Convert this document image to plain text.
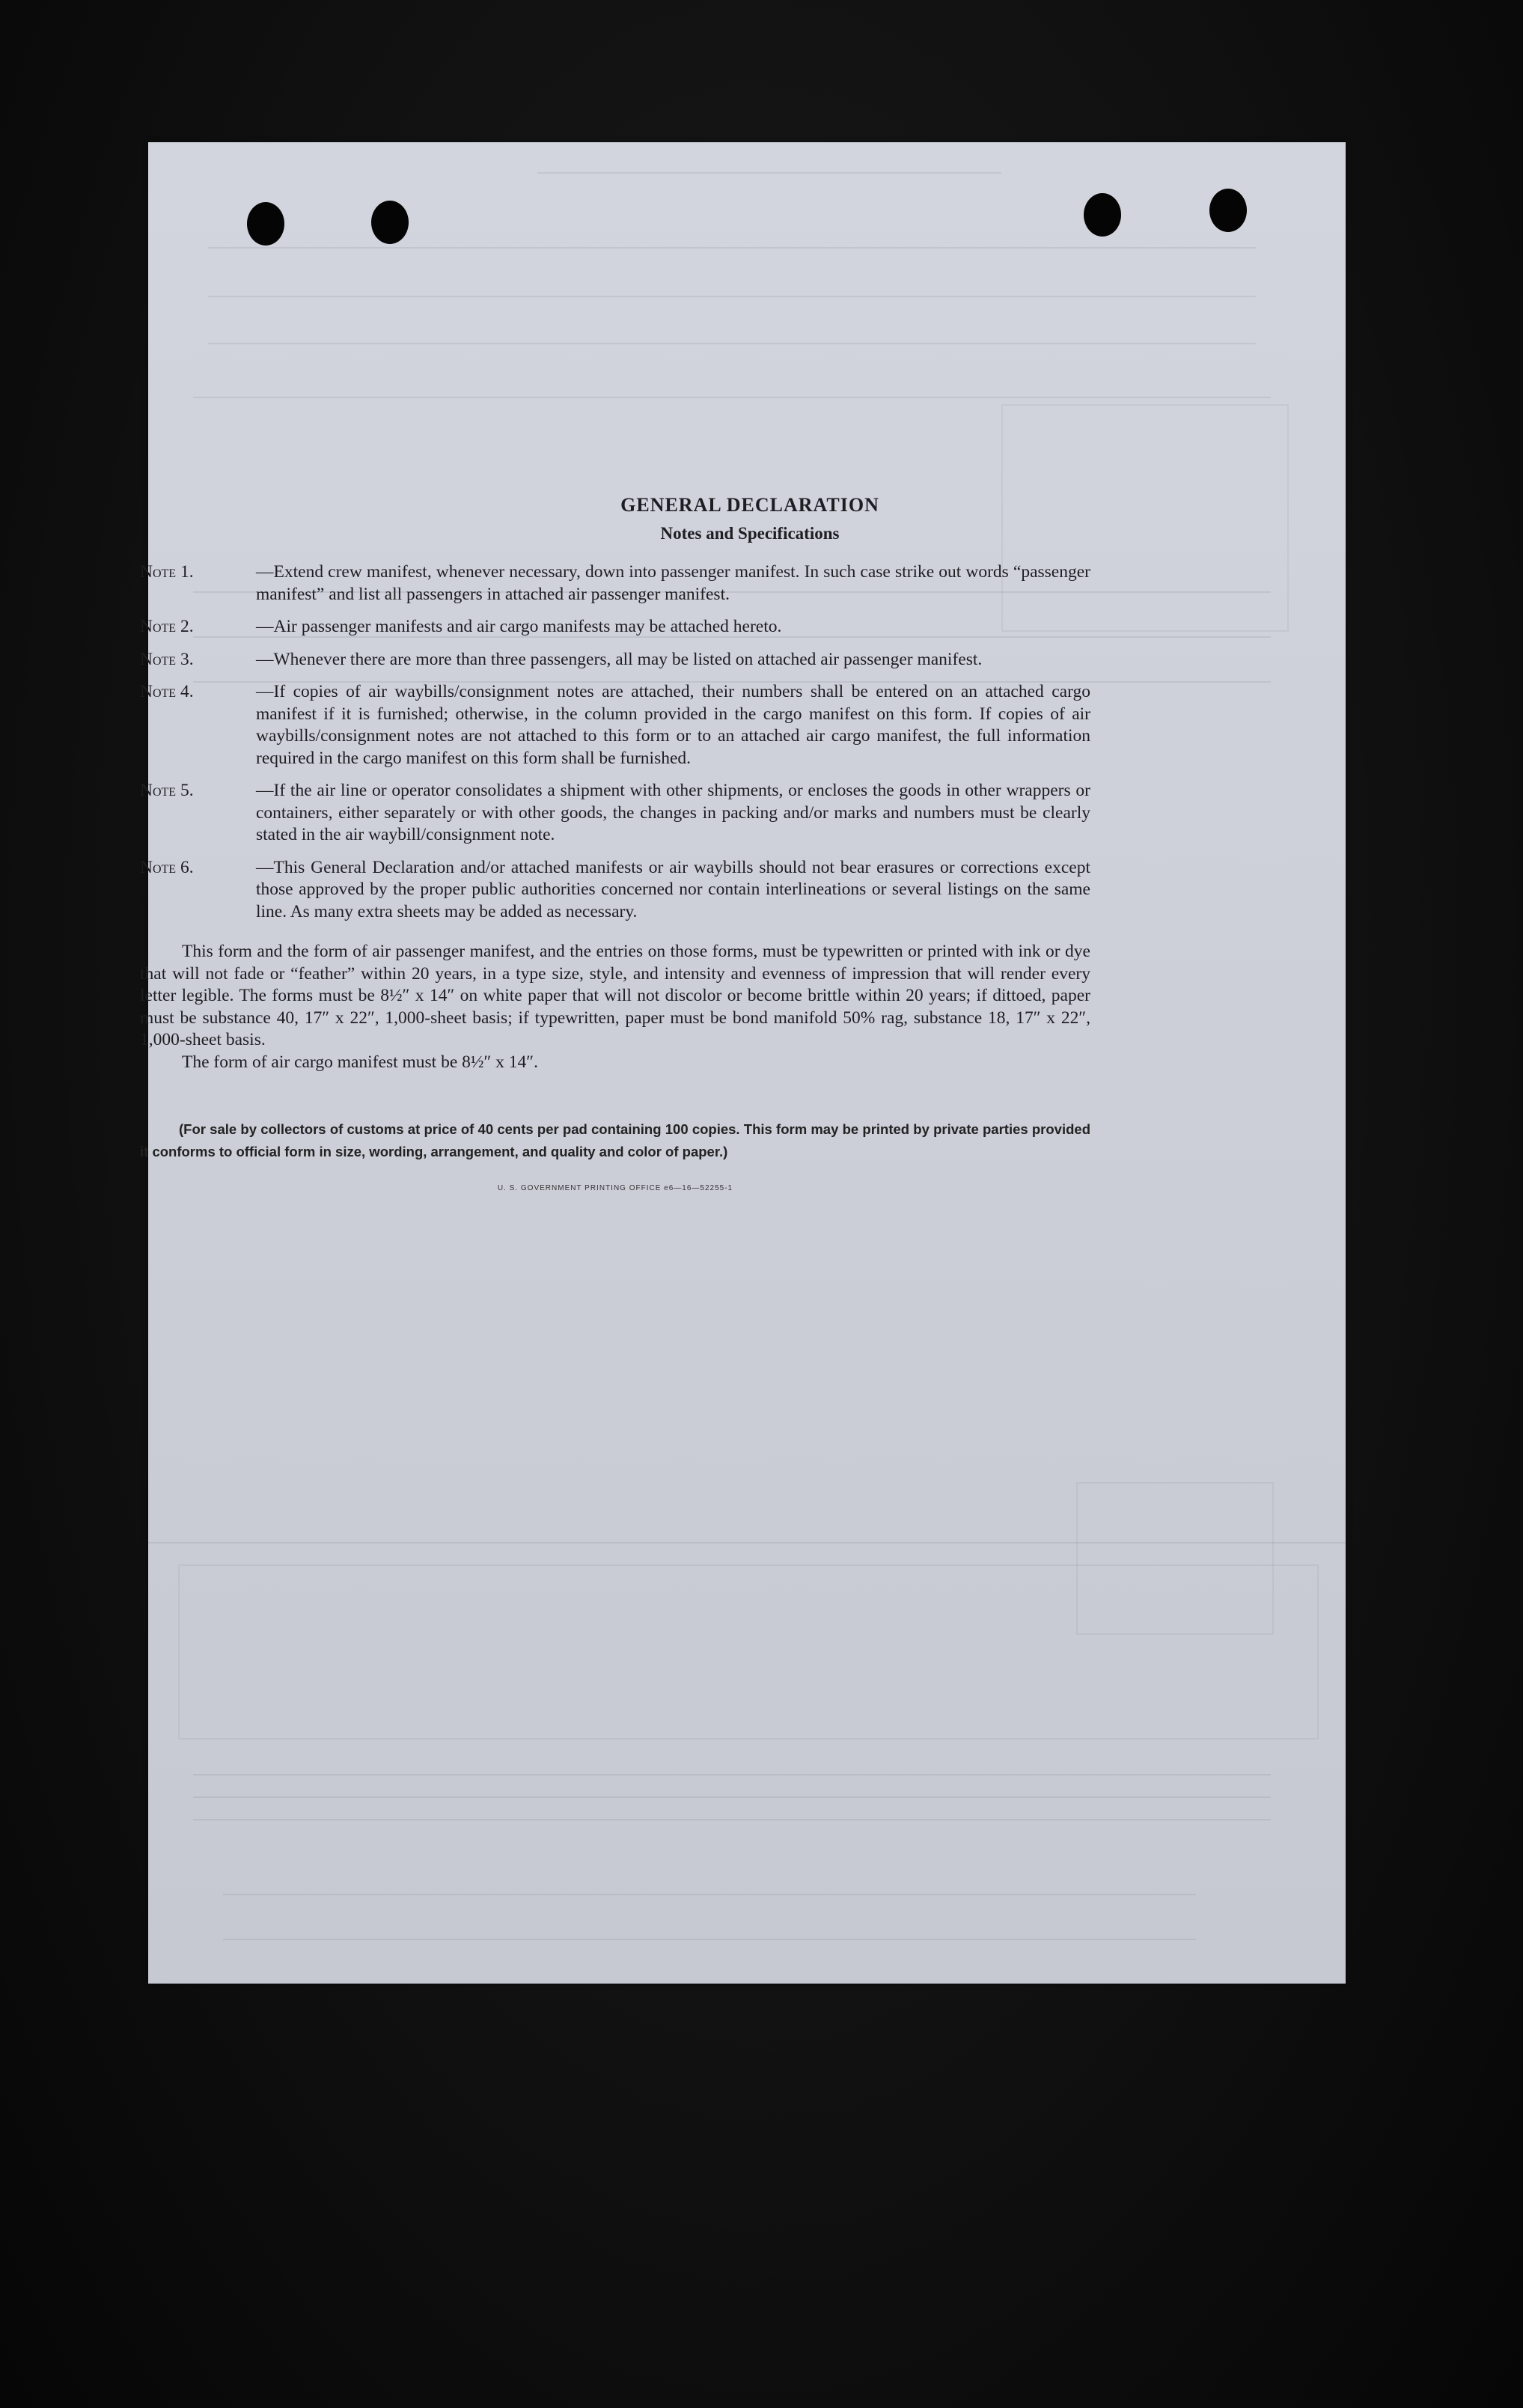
GENERAL DECLARATION
Notes and Specifications
Note 1.	—Extend crew manifest, whenever necessary, down into passenger manifest. In such case strike out words “passenger manifest” and list all passengers in attached air passenger manifest.
Note 2.	—Air passenger manifests and air cargo manifests may be attached hereto.
Note 3.	—Whenever there are more than three passengers, all may be listed on attached air passenger manifest.
Note 4.	—If copies of air waybills/consignment notes are attached, their numbers shall be entered on an attached cargo manifest if it is furnished; otherwise, in the column provided in the cargo manifest on this form. If copies of air waybills/consignment notes are not attached to this form or to an attached air cargo manifest, the full information required in the cargo manifest on this form shall be furnished.
Note 5.	—If the air line or operator consolidates a shipment with other shipments, or encloses the goods in other wrappers or containers, either separately or with other goods, the changes in packing and/or marks and numbers must be clearly stated in the air waybill/consignment note.
Note 6.	—This General Declaration and/or attached manifests or air waybills should not bear erasures or corrections except those approved by the proper public authorities concerned nor contain interlineations or several listings on the same line. As many extra sheets may be added as necessary.

This form and the form of air passenger manifest, and the entries on those forms, must be typewritten or printed with ink or dye that will not fade or “feather” within 20 years, in a type size, style, and intensity and evenness of impression that will render every letter legible. The forms must be 8½″ x 14″ on white paper that will not discolor or become brittle within 20 years; if dittoed, paper must be substance 40, 17″ x 22″, 1,000-sheet basis; if typewritten, paper must be bond manifold 50% rag, substance 18, 17″ x 22″, 1,000-sheet basis.

The form of air cargo manifest must be 8½″ x 14″.

(For sale by collectors of customs at price of 40 cents per pad containing 100 copies. This form may be printed by private parties provided it conforms to official form in size, wording, arrangement, and quality and color of paper.)

U. S. GOVERNMENT PRINTING OFFICE e6—16—52255-1
